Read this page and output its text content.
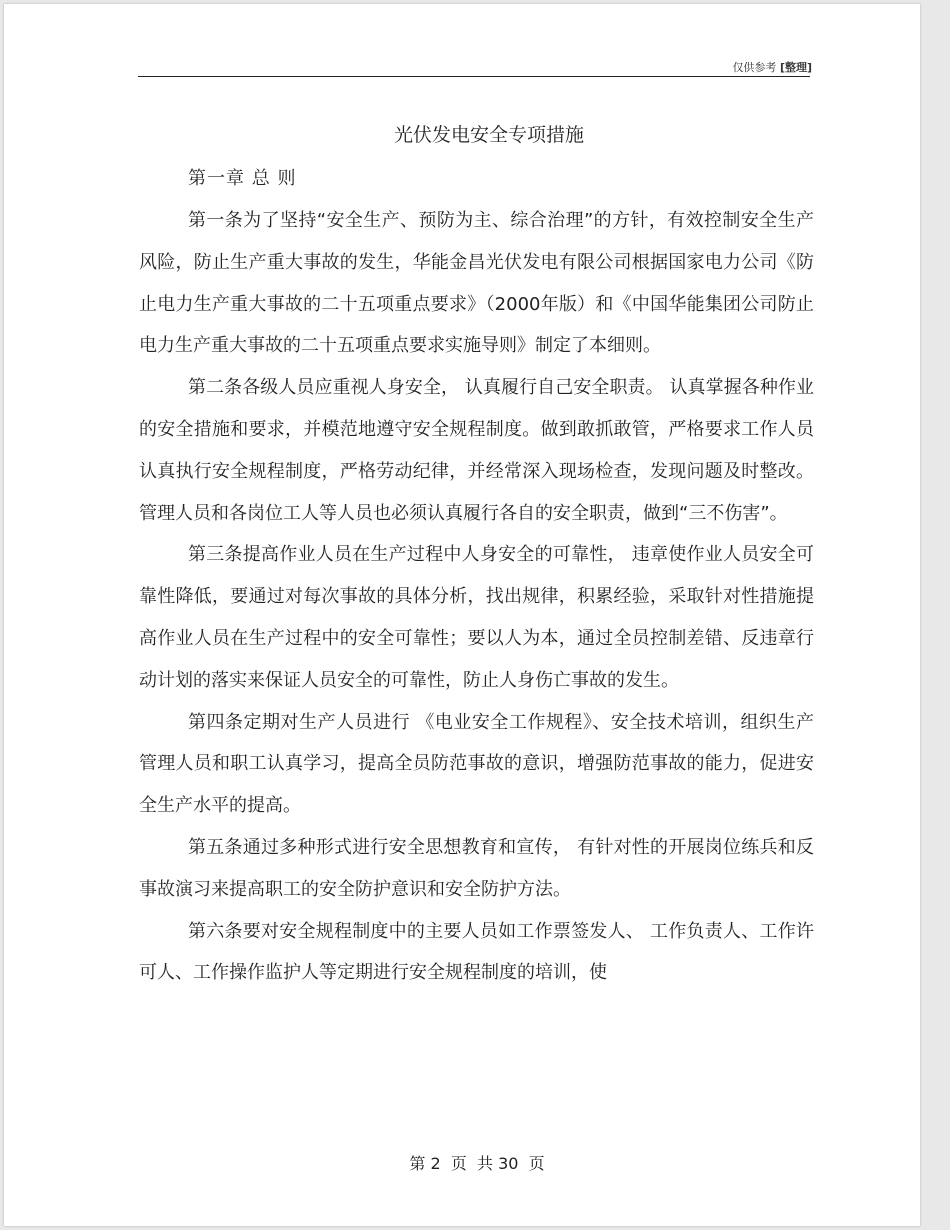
仅供参考 [整理]
光伏发电安全专项措施
第一章 总 则

第一条为了坚持“安全生产、预防为主、综合治理”的方针，有效控制安全生产风险，防止生产重大事故的发生，华能金昌光伏发电有限公司根据国家电力公司《防止电力生产重大事故的二十五项重点要求》（2000年版）和《中国华能集团公司防止电力生产重大事故的二十五项重点要求实施导则》制定了本细则。

第二条各级人员应重视人身安全， 认真履行自己安全职责。 认真掌握各种作业的安全措施和要求，并模范地遵守安全规程制度。做到敢抓敢管，严格要求工作人员认真执行安全规程制度，严格劳动纪律，并经常深入现场检查，发现问题及时整改。管理人员和各岗位工人等人员也必须认真履行各自的安全职责，做到“三不伤害”。

第三条提高作业人员在生产过程中人身安全的可靠性， 违章使作业人员安全可靠性降低，要通过对每次事故的具体分析，找出规律，积累经验，采取针对性措施提高作业人员在生产过程中的安全可靠性；要以人为本，通过全员控制差错、反违章行动计划的落实来保证人员安全的可靠性，防止人身伤亡事故的发生。

第四条定期对生产人员进行 《电业安全工作规程》、安全技术培训，组织生产管理人员和职工认真学习，提高全员防范事故的意识，增强防范事故的能力，促进安全生产水平的提高。

第五条通过多种形式进行安全思想教育和宣传， 有针对性的开展岗位练兵和反事故演习来提高职工的安全防护意识和安全防护方法。

第六条要对安全规程制度中的主要人员如工作票签发人、 工作负责人、工作许可人、工作操作监护人等定期进行安全规程制度的培训，使

第 2  页  共 30  页
